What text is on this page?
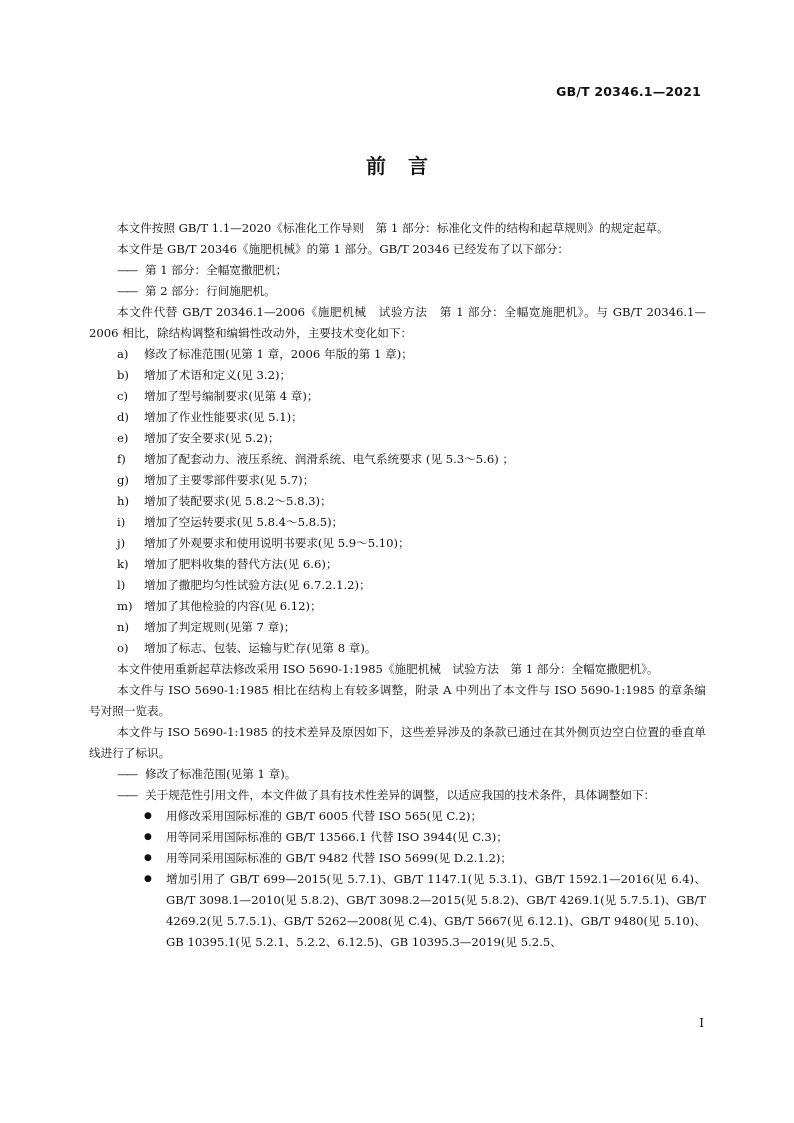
GB/T 20346.1—2021
前言

本文件按照 GB/T 1.1—2020《标准化工作导则　第 1 部分：标准化文件的结构和起草规则》的规定起草。

本文件是 GB/T 20346《施肥机械》的第 1 部分。GB/T 20346 已经发布了以下部分：

—— 第 1 部分：全幅宽撒肥机；
—— 第 2 部分：行间施肥机。

本文件代替 GB/T 20346.1—2006《施肥机械　试验方法　第 1 部分：全幅宽施肥机》。与 GB/T 20346.1—2006 相比，除结构调整和编辑性改动外，主要技术变化如下：

a)	修改了标准范围(见第 1 章，2006 年版的第 1 章)；
b)	增加了术语和定义(见 3.2)；
c)	增加了型号编制要求(见第 4 章)；
d)	增加了作业性能要求(见 5.1)；
e)	增加了安全要求(见 5.2)；
f)	增加了配套动力、液压系统、润滑系统、电气系统要求 (见 5.3～5.6) ；
g)	增加了主要零部件要求(见 5.7)；
h)	增加了装配要求(见 5.8.2～5.8.3)；
i)	增加了空运转要求(见 5.8.4～5.8.5)；
j)	增加了外观要求和使用说明书要求(见 5.9～5.10)；
k)	增加了肥料收集的替代方法(见 6.6)；
l)	增加了撒肥均匀性试验方法(见 6.7.2.1.2)；
m) 增加了其他检验的内容(见 6.12)；
n)	增加了判定规则(见第 7 章)；
o)	增加了标志、包装、运输与贮存(见第 8 章)。

本文件使用重新起草法修改采用 ISO 5690-1:1985《施肥机械　试验方法　第 1 部分：全幅宽撒肥机》。

本文件与 ISO 5690-1:1985 相比在结构上有较多调整，附录 A 中列出了本文件与 ISO 5690-1:1985 的章条编号对照一览表。

本文件与 ISO 5690-1:1985 的技术差异及原因如下，这些差异涉及的条款已通过在其外侧页边空白位置的垂直单线进行了标识。

—— 修改了标准范围(见第 1 章)。
—— 关于规范性引用文件，本文件做了具有技术性差异的调整，以适应我国的技术条件，具体调整如下：
●	用修改采用国际标准的 GB/T 6005 代替 ISO 565(见 C.2)；
●	用等同采用国际标准的 GB/T 13566.1 代替 ISO 3944(见 C.3)；
●	用等同采用国际标准的 GB/T 9482 代替 ISO 5699(见 D.2.1.2)；
●	增加引用了 GB/T 699—2015(见 5.7.1)、GB/T 1147.1(见 5.3.1)、GB/T 1592.1—2016(见 6.4)、GB/T 3098.1—2010(见 5.8.2)、GB/T 3098.2—2015(见 5.8.2)、GB/T 4269.1(见 5.7.5.1)、GB/T 4269.2(见 5.7.5.1)、GB/T 5262—2008(见 C.4)、GB/T 5667(见 6.12.1)、GB/T 9480(见 5.10)、GB 10395.1(见 5.2.1、5.2.2、6.12.5)、GB 10395.3—2019(见 5.2.5、
I
